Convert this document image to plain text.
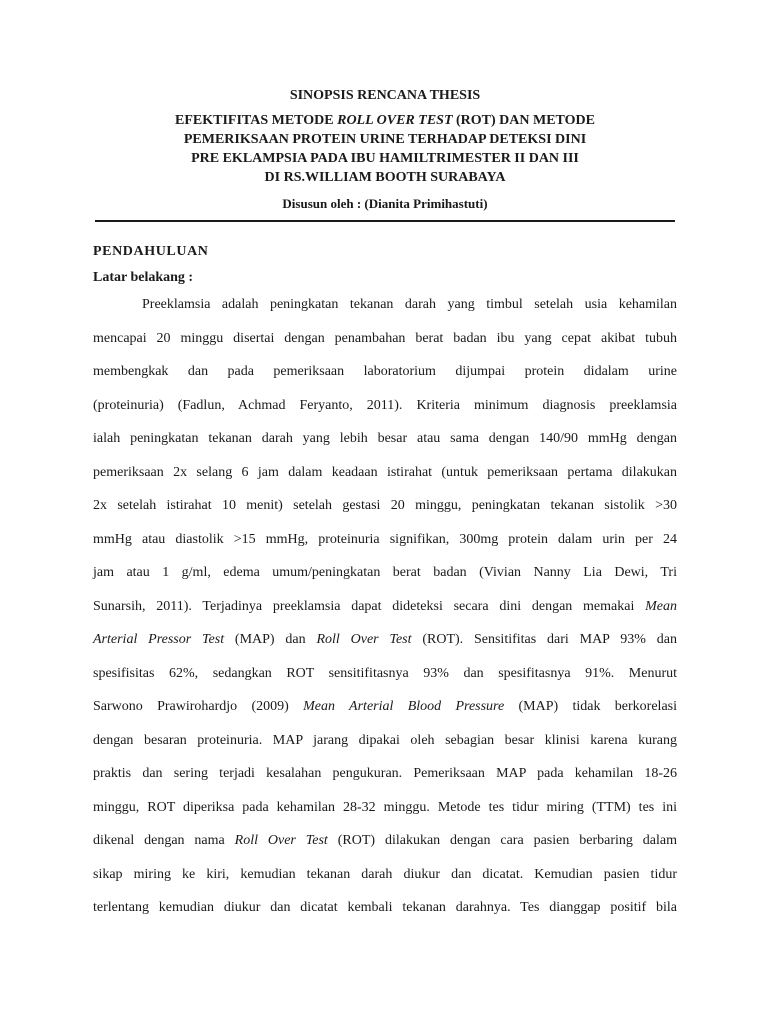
SINOPSIS RENCANA THESIS
EFEKTIFITAS METODE ROLL OVER TEST (ROT) DAN METODE
PEMERIKSAAN PROTEIN URINE TERHADAP DETEKSI DINI
PRE EKLAMPSIA PADA IBU HAMILTRIMESTER II DAN III
DI RS.WILLIAM BOOTH SURABAYA
Disusun oleh : (Dianita Primihastuti)
PENDAHULUAN
Latar belakang :
Preeklamsia adalah peningkatan tekanan darah yang timbul setelah usia kehamilan
mencapai 20 minggu disertai dengan penambahan berat badan ibu yang cepat akibat tubuh
membengkak dan pada pemeriksaan laboratorium dijumpai protein didalam urine
(proteinuria) (Fadlun, Achmad Feryanto, 2011). Kriteria minimum diagnosis preeklamsia
ialah peningkatan tekanan darah yang lebih besar atau sama dengan 140/90 mmHg dengan
pemeriksaan 2x selang 6 jam dalam keadaan istirahat (untuk pemeriksaan pertama dilakukan
2x setelah istirahat 10 menit) setelah gestasi 20 minggu, peningkatan tekanan sistolik >30
mmHg atau diastolik >15 mmHg, proteinuria signifikan, 300mg protein dalam urin per 24
jam atau 1 g/ml, edema umum/peningkatan berat badan (Vivian Nanny Lia Dewi, Tri
Sunarsih, 2011). Terjadinya preeklamsia dapat dideteksi secara dini dengan memakai Mean
Arterial Pressor Test (MAP) dan Roll Over Test (ROT). Sensitifitas dari MAP 93% dan
spesifisitas 62%, sedangkan ROT sensitifitasnya 93% dan spesifitasnya 91%. Menurut
Sarwono Prawirohardjo (2009) Mean Arterial Blood Pressure (MAP) tidak berkorelasi
dengan besaran proteinuria. MAP jarang dipakai oleh sebagian besar klinisi karena kurang
praktis dan sering terjadi kesalahan pengukuran. Pemeriksaan MAP pada kehamilan 18-26
minggu, ROT diperiksa pada kehamilan 28-32 minggu. Metode tes tidur miring (TTM) tes ini
dikenal dengan nama Roll Over Test (ROT) dilakukan dengan cara pasien berbaring dalam
sikap miring ke kiri, kemudian tekanan darah diukur dan dicatat. Kemudian pasien tidur
terlentang kemudian diukur dan dicatat kembali tekanan darahnya. Tes dianggap positif bila
